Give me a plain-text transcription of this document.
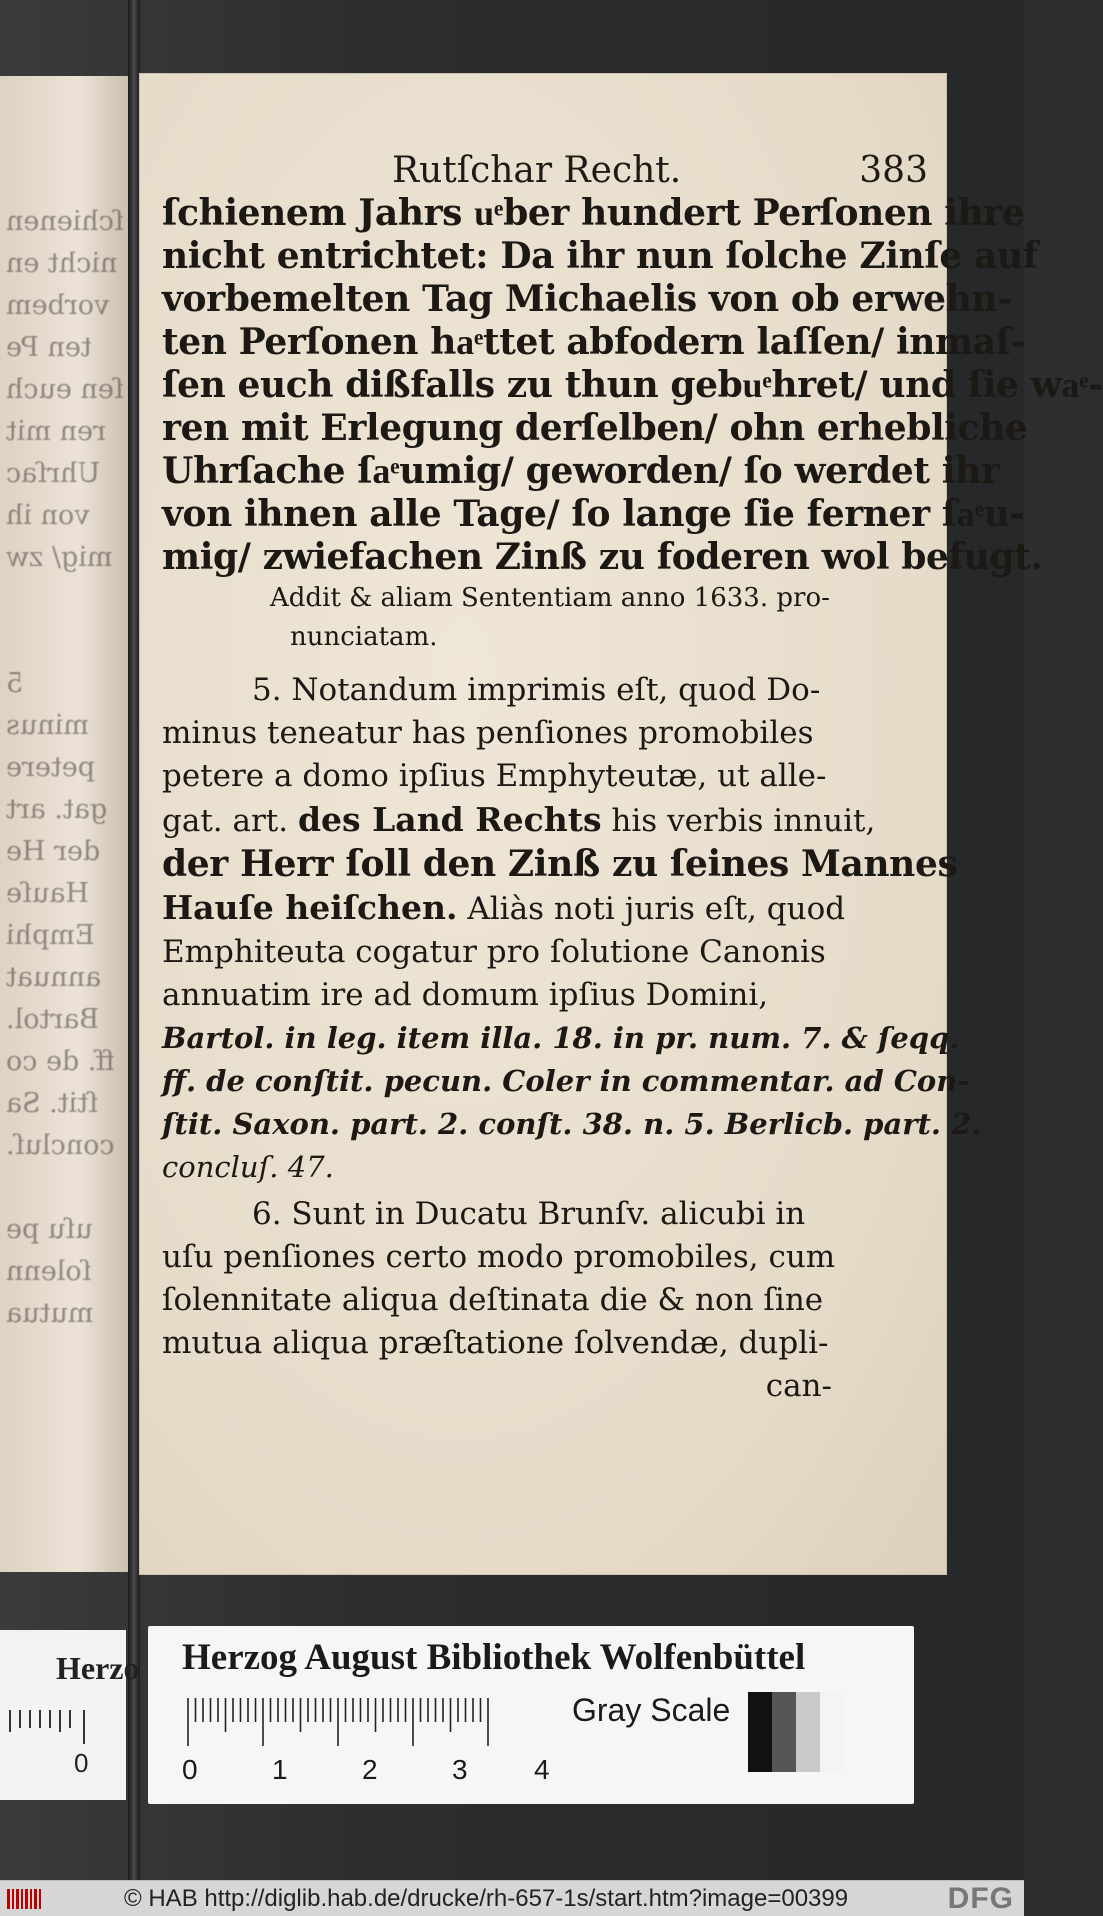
ſchienen
nicht en
vorbem
ten Pe
ſen euch
ren mit
Uhrſac
von ih
mig/ zw
5
minus
petere
gat. art
der He
Hauſe
Emphi
annuat
Bartol.
ff. de co
ſtit. Sa
concluſ.
uſu pe
ſolenn
mutua
Rutſchar Recht.	383
ſchienem Jahrs uͤber hundert Perſonen ihre
nicht entrichtet: Da ihr nun ſolche Zinſe auf
vorbemelten Tag Michaelis von ob erwehn-
ten Perſonen haͤttet abfodern laſſen/ inmaſ-
ſen euch dißfalls zu thun gebuͤhret/ und ſie waͤ-
ren mit Erlegung derſelben/ ohn erhebliche
Uhrſache ſaͤumig/ geworden/ ſo werdet ihr
von ihnen alle Tage/ ſo lange ſie ferner ſaͤu-
mig/ zwiefachen Zinß zu foderen wol befugt.
Addit & aliam Sententiam anno 1633. pro-
nunciatam.
5. Notandum imprimis eſt, quod Do-
minus teneatur has penſiones promobiles
petere a domo ipſius Emphyteutæ, ut alle-
gat. art. des Land Rechts his verbis innuit,
der Herr ſoll den Zinß zu ſeines Mannes
Hauſe heiſchen. Aliàs noti juris eſt, quod
Emphiteuta cogatur pro ſolutione Canonis
annuatim ire ad domum ipſius Domini,
Bartol. in leg. item illa. 18. in pr. num. 7. & ſeqq.
ff. de conſtit. pecun. Coler in commentar. ad Con-
ſtit. Saxon. part. 2. conſt. 38. n. 5. Berlicb. part. 2.
concluſ. 47.
6. Sunt in Ducatu Brunſv. alicubi in
uſu penſiones certo modo promobiles, cum
ſolennitate aliqua deſtinata die & non ſine
mutua aliqua præſtatione ſolvendæ, dupli-
can-
Herzo
0
Herzog August Bibliothek Wolfenbüttel
0	1	2	3 4
Gray Scale
© HAB http://diglib.hab.de/drucke/rh-657-1s/start.htm?image=00399	DFG
